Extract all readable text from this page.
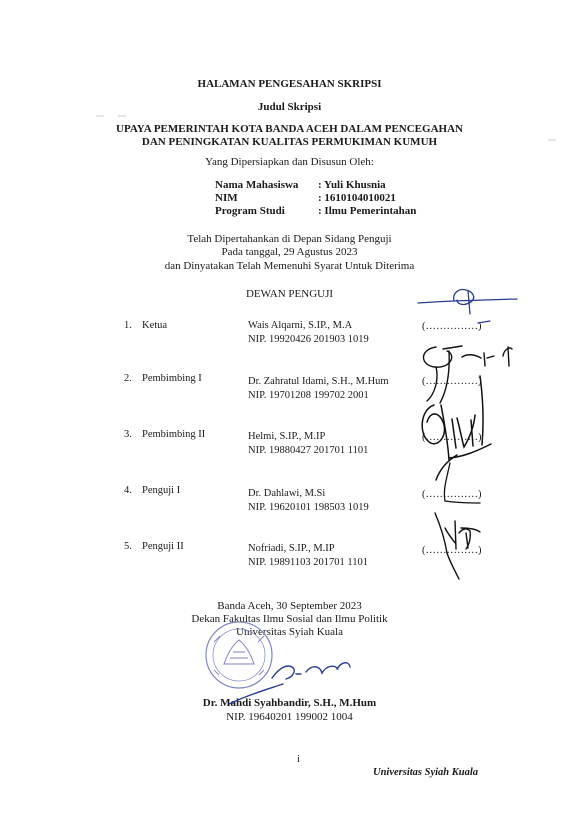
HALAMAN PENGESAHAN SKRIPSI
Judul Skripsi
UPAYA PEMERINTAH KOTA BANDA ACEH DALAM PENCEGAHAN
DAN PENINGKATAN KUALITAS PERMUKIMAN KUMUH
Yang Dipersiapkan dan Disusun Oleh:
Nama Mahasiswa : Yuli Khusnia
NIM	: 1610104010021
Program Studi	: Ilmu Pemerintahan
Telah Dipertahankan di Depan Sidang Penguji
Pada tanggal, 29 Agustus 2023
dan Dinyatakan Telah Memenuhi Syarat Untuk Diterima
DEWAN PENGUJI
1. Ketua	Wais Alqarni, S.IP., M.A
NIP. 19920426 201903 1019
(……………)
2. Pembimbing I	Dr. Zahratul Idami, S.H., M.Hum
NIP. 19701208 199702 2001
(……………)
3. Pembimbing II	Helmi, S.IP., M.IP
NIP. 19880427 201701 1101
(……………)
4. Penguji I	Dr. Dahlawi, M.Si
NIP. 19620101 198503 1019
(……………)
5. Penguji II	Nofriadi, S.IP., M.IP
NIP. 19891103 201701 1101
(……………)
Banda Aceh, 30 September 2023
Dekan Fakultas Ilmu Sosial dan Ilmu Politik
Universitas Syiah Kuala
Dr. Mahdi Syahbandir, S.H., M.Hum
NIP. 19640201 199002 1004
i
Universitas Syiah Kuala
